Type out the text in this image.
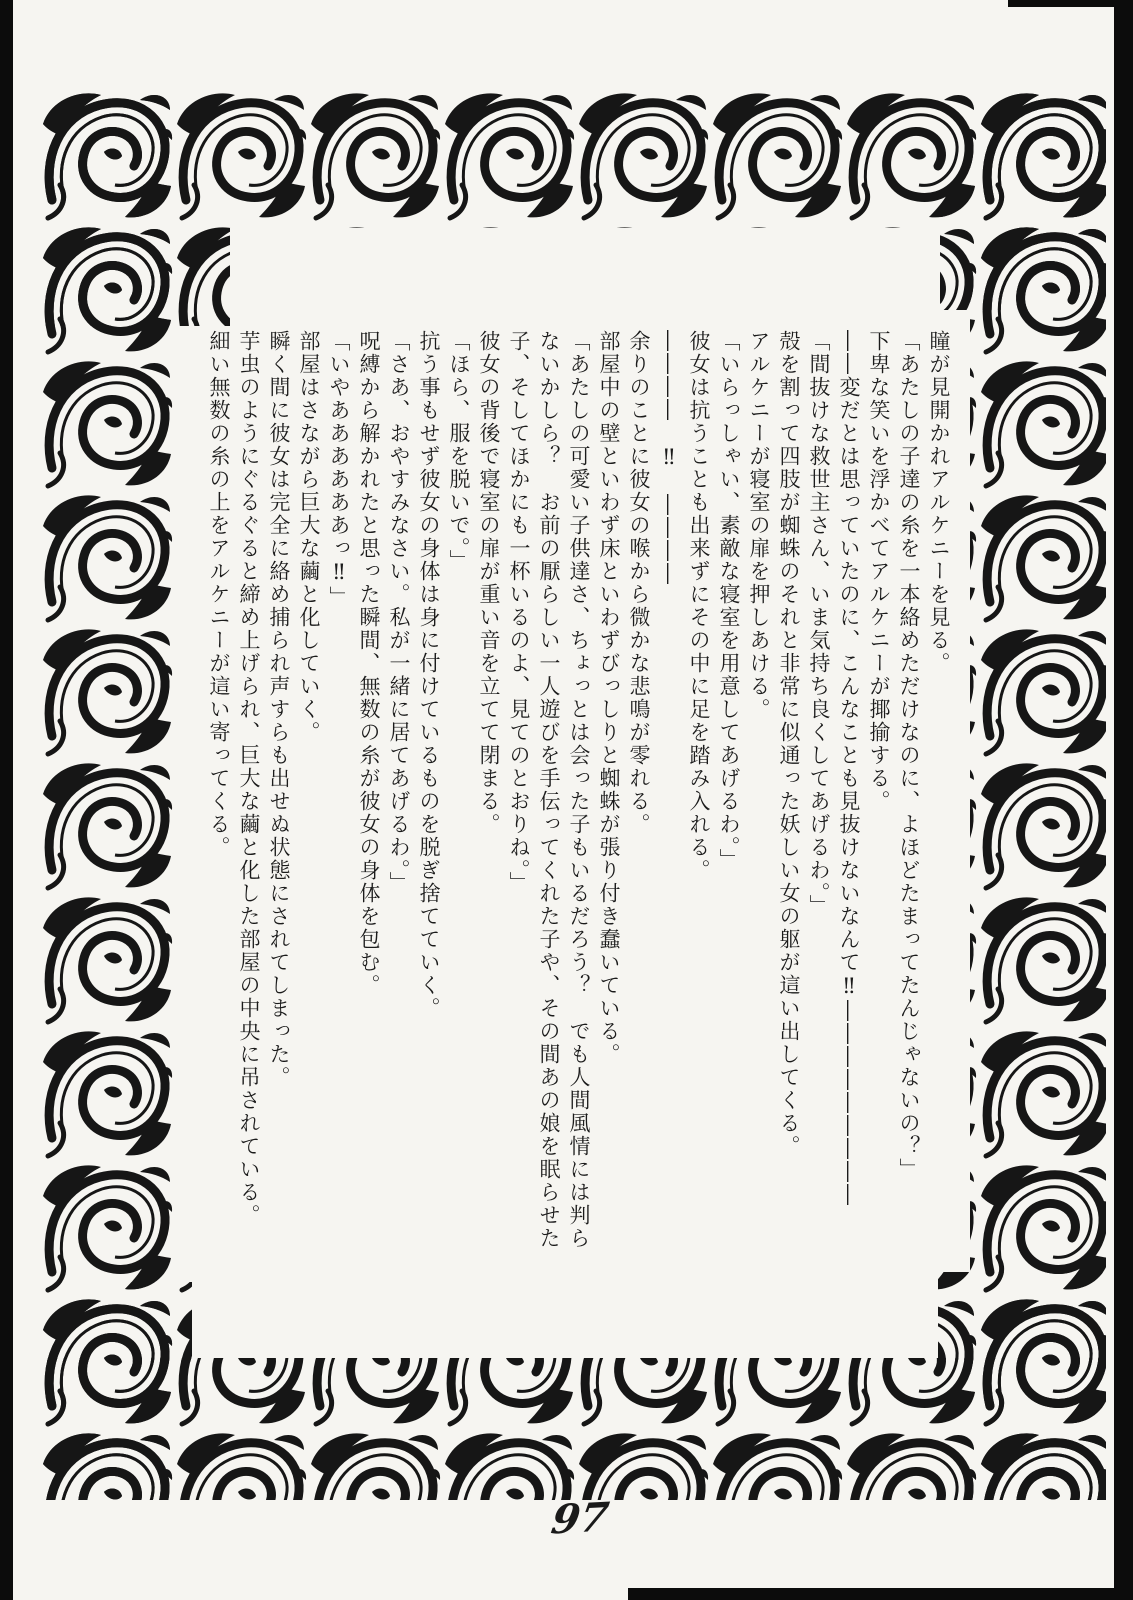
瞳が見開かれアルケニーを見る。

「あたしの子達の糸を一本絡めただけなのに、よほどたまってたんじゃないの？」

下卑な笑いを浮かべてアルケニーが揶揄する。

――変だとは思っていたのに、こんなことも見抜けないなんて‼―――――――――

「間抜けな救世主さん、いま気持ち良くしてあげるわ。」

殻を割って四肢が蜘蛛のそれと非常に似通った妖しい女の躯が這い出してくる。

アルケニーが寝室の扉を押しあける。

「いらっしゃい、素敵な寝室を用意してあげるわ。」

彼女は抗うことも出来ずにその中に足を踏み入れる。

――――　‼　――――

余りのことに彼女の喉から微かな悲鳴が零れる。

部屋中の壁といわず床といわずびっしりと蜘蛛が張り付き蠢いている。

「あたしの可愛い子供達さ、ちょっとは会った子もいるだろう？　でも人間風情には判らないかしら？　お前の厭らしい一人遊びを手伝ってくれた子や、その間あの娘を眠らせた子、そしてほかにも一杯いるのよ、見てのとおりね。」

彼女の背後で寝室の扉が重い音を立てて閉まる。

「ほら、服を脱いで。」

抗う事もせず彼女の身体は身に付けているものを脱ぎ捨てていく。

「さあ、おやすみなさい。私が一緒に居てあげるわ。」

呪縛から解かれたと思った瞬間、無数の糸が彼女の身体を包む。

「いやああああああっ‼」

部屋はさながら巨大な繭と化していく。

瞬く間に彼女は完全に絡め捕られ声すらも出せぬ状態にされてしまった。

芋虫のようにぐるぐると締め上げられ、巨大な繭と化した部屋の中央に吊されている。

細い無数の糸の上をアルケニーが這い寄ってくる。

97
